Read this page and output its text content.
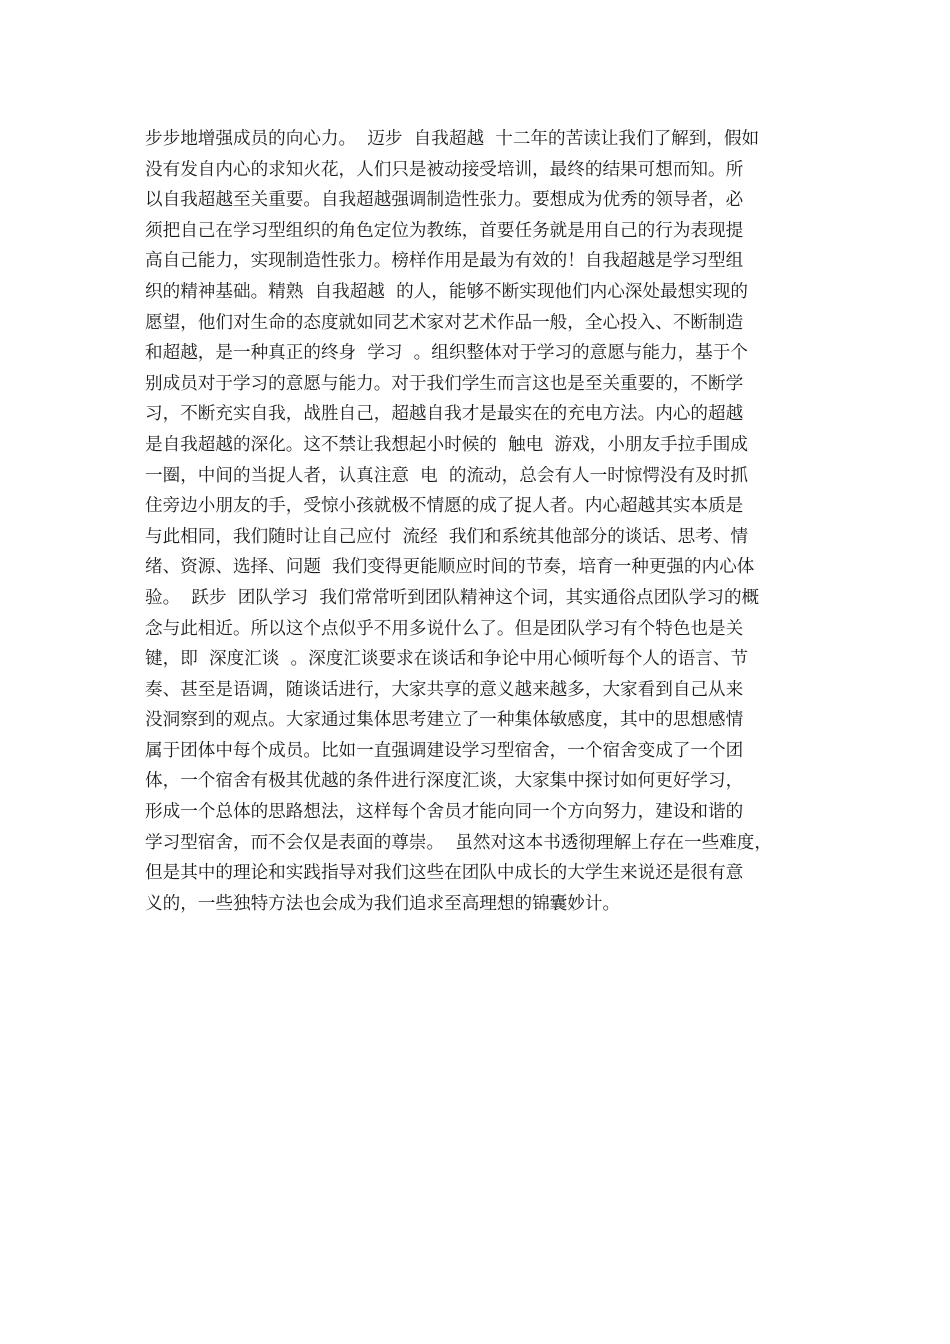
步步地增强成员的向心力。  迈步  自我超越  十二年的苦读让我们了解到，假如
没有发自内心的求知火花，人们只是被动接受培训，最终的结果可想而知。所
以自我超越至关重要。自我超越强调制造性张力。要想成为优秀的领导者，必
须把自己在学习型组织的角色定位为教练，首要任务就是用自己的行为表现提
高自己能力，实现制造性张力。榜样作用是最为有效的！自我超越是学习型组
织的精神基础。精熟  自我超越  的人，能够不断实现他们内心深处最想实现的
愿望，他们对生命的态度就如同艺术家对艺术作品一般，全心投入、不断制造
和超越，是一种真正的终身  学习  。组织整体对于学习的意愿与能力，基于个
别成员对于学习的意愿与能力。对于我们学生而言这也是至关重要的，不断学
习，不断充实自我，战胜自己，超越自我才是最实在的充电方法。内心的超越
是自我超越的深化。这不禁让我想起小时候的  触电  游戏，小朋友手拉手围成
一圈，中间的当捉人者，认真注意  电  的流动，总会有人一时惊愕没有及时抓
住旁边小朋友的手，受惊小孩就极不情愿的成了捉人者。内心超越其实本质是
与此相同，我们随时让自己应付  流经  我们和系统其他部分的谈话、思考、情
绪、资源、选择、问题  我们变得更能顺应时间的节奏，培育一种更强的内心体
验。  跃步  团队学习  我们常常听到团队精神这个词，其实通俗点团队学习的概
念与此相近。所以这个点似乎不用多说什么了。但是团队学习有个特色也是关
键，即  深度汇谈  。深度汇谈要求在谈话和争论中用心倾听每个人的语言、节
奏、甚至是语调，随谈话进行，大家共享的意义越来越多，大家看到自己从来
没洞察到的观点。大家通过集体思考建立了一种集体敏感度，其中的思想感情
属于团体中每个成员。比如一直强调建设学习型宿舍，一个宿舍变成了一个团
体，一个宿舍有极其优越的条件进行深度汇谈，大家集中探讨如何更好学习，
形成一个总体的思路想法，这样每个舍员才能向同一个方向努力，建设和谐的
学习型宿舍，而不会仅是表面的尊崇。  虽然对这本书透彻理解上存在一些难度，
但是其中的理论和实践指导对我们这些在团队中成长的大学生来说还是很有意
义的，一些独特方法也会成为我们追求至高理想的锦囊妙计。
